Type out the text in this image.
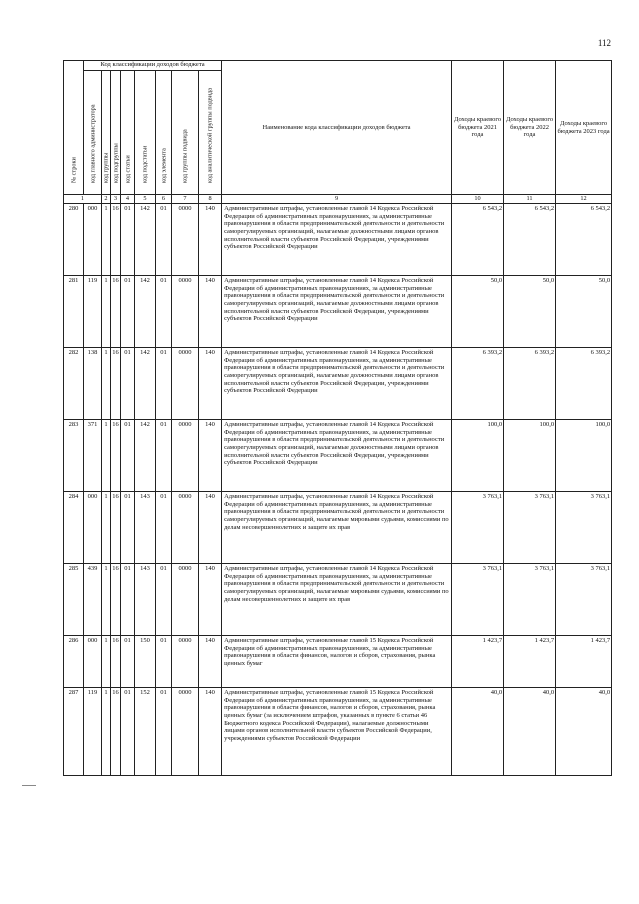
112
№ строки	Код классификации доходов бюджета								Наименование кода классификации доходов бюджета	Доходы краевого бюджета 2021 года	Доходы краевого бюджета 2022 года	Доходы краевого бюджета 2023 года

	код главного администратора	код группы	код подгруппы	код статьи	код подстатьи	код элемента	код группы подвида	код аналитической группы подвида				

1		2	3	4	5	6	7	8	9	10	11	12
280	000	1	16	01	142	01	0000	140	Административные штрафы, установленные главой 14 Кодекса Российской Федерации об административных правонарушениях, за административные правонарушения в области предпринимательской деятельности и деятельности саморегулируемых организаций, налагаемые должностными лицами органов исполнительной власти субъектов Российской Федерации, учреждениями субъектов Российской Федерации	6 543,2	6 543,2	6 543,2
281	119	1	16	01	142	01	0000	140	Административные штрафы, установленные главой 14 Кодекса Российской Федерации об административных правонарушениях, за административные правонарушения в области предпринимательской деятельности и деятельности саморегулируемых организаций, налагаемые должностными лицами органов исполнительной власти субъектов Российской Федерации, учреждениями субъектов Российской Федерации	50,0	50,0	50,0
282	138	1	16	01	142	01	0000	140	Административные штрафы, установленные главой 14 Кодекса Российской Федерации об административных правонарушениях, за административные правонарушения в области предпринимательской деятельности и деятельности саморегулируемых организаций, налагаемые должностными лицами органов исполнительной власти субъектов Российской Федерации, учреждениями субъектов Российской Федерации	6 393,2	6 393,2	6 393,2
283	371	1	16	01	142	01	0000	140	Административные штрафы, установленные главой 14 Кодекса Российской Федерации об административных правонарушениях, за административные правонарушения в области предпринимательской деятельности и деятельности саморегулируемых организаций, налагаемые должностными лицами органов исполнительной власти субъектов Российской Федерации, учреждениями субъектов Российской Федерации	100,0	100,0	100,0
284	000	1	16	01	143	01	0000	140	Административные штрафы, установленные главой 14 Кодекса Российской Федерации об административных правонарушениях, за административные правонарушения в области предпринимательской деятельности и деятельности саморегулируемых организаций, налагаемые мировыми судьями, комиссиями по делам несовершеннолетних и защите их прав	3 763,1	3 763,1	3 763,1
285	439	1	16	01	143	01	0000	140	Административные штрафы, установленные главой 14 Кодекса Российской Федерации об административных правонарушениях, за административные правонарушения в области предпринимательской деятельности и деятельности саморегулируемых организаций, налагаемые мировыми судьями, комиссиями по делам несовершеннолетних и защите их прав	3 763,1	3 763,1	3 763,1
286	000	1	16	01	150	01	0000	140	Административные штрафы, установленные главой 15 Кодекса Российской Федерации об административных правонарушениях, за административные правонарушения в области финансов, налогов и сборов, страхования, рынка ценных бумаг	1 423,7	1 423,7	1 423,7
287	119	1	16	01	152	01	0000	140	Административные штрафы, установленные главой 15 Кодекса Российской Федерации об административных правонарушениях, за административные правонарушения в области финансов, налогов и сборов, страхования, рынка ценных бумаг (за исключением штрафов, указанных в пункте 6 статьи 46 Бюджетного кодекса Российской Федерации), налагаемые должностными лицами органов исполнительной власти субъектов Российской Федерации, учреждениями субъектов Российской Федерации	40,0	40,0	40,0
